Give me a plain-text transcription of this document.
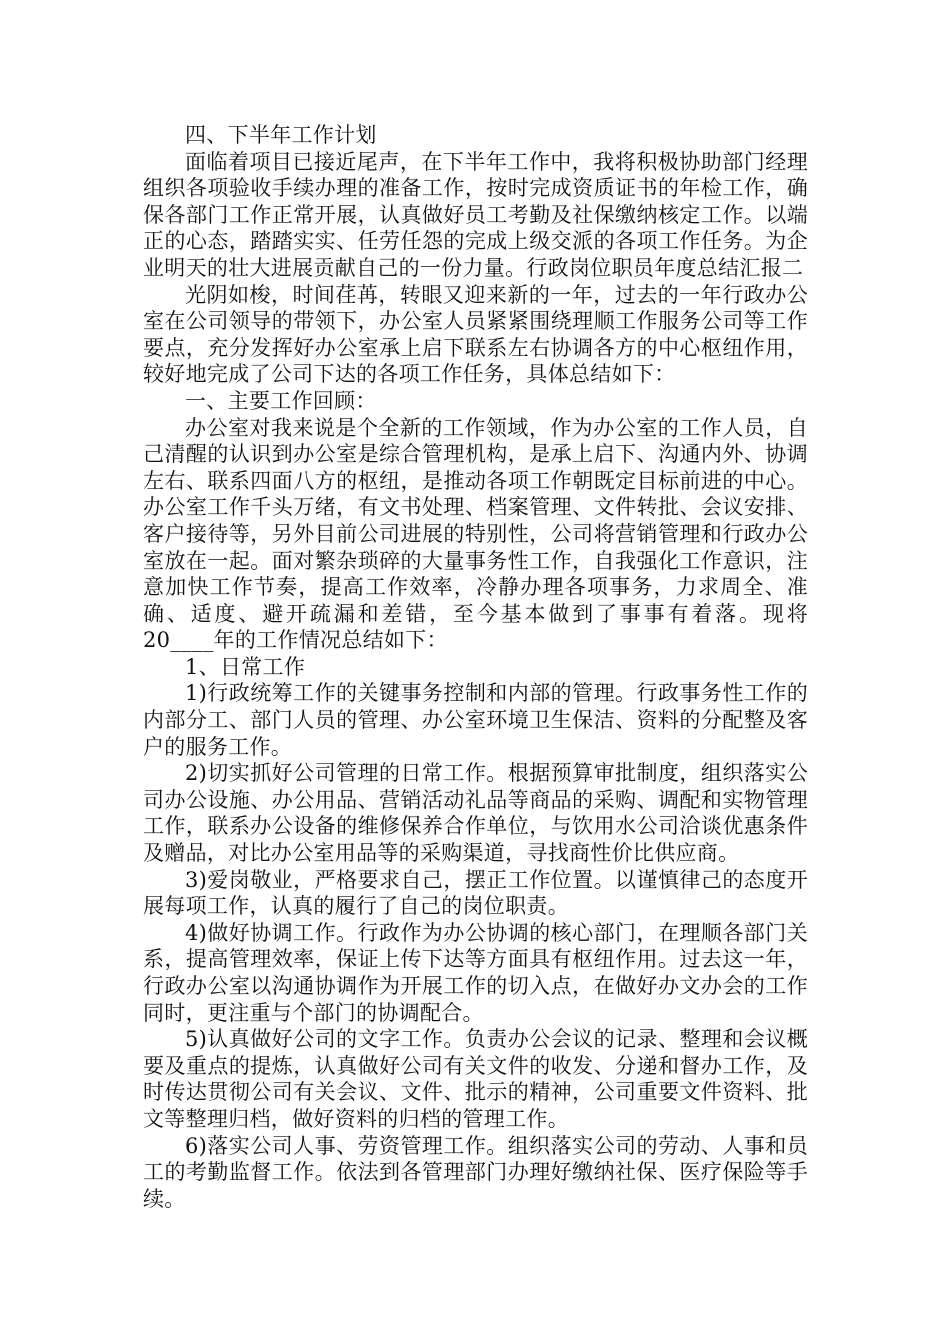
四、下半年工作计划

面临着项目已接近尾声，在下半年工作中，我将积极协助部门经理组织各项验收手续办理的准备工作，按时完成资质证书的年检工作，确保各部门工作正常开展，认真做好员工考勤及社保缴纳核定工作。以端正的心态，踏踏实实、任劳任怨的完成上级交派的各项工作任务。为企业明天的壮大进展贡献自己的一份力量。行政岗位职员年度总结汇报二

光阴如梭，时间荏苒，转眼又迎来新的一年，过去的一年行政办公室在公司领导的带领下，办公室人员紧紧围绕理顺工作服务公司等工作要点，充分发挥好办公室承上启下联系左右协调各方的中心枢纽作用，较好地完成了公司下达的各项工作任务，具体总结如下：

一、主要工作回顾：

办公室对我来说是个全新的工作领域，作为办公室的工作人员，自己清醒的认识到办公室是综合管理机构，是承上启下、沟通内外、协调左右、联系四面八方的枢纽，是推动各项工作朝既定目标前进的中心。办公室工作千头万绪，有文书处理、档案管理、文件转批、会议安排、客户接待等，另外目前公司进展的特别性，公司将营销管理和行政办公室放在一起。面对繁杂琐碎的大量事务性工作，自我强化工作意识，注意加快工作节奏，提高工作效率，冷静办理各项事务，力求周全、准确、适度、避开疏漏和差错，至今基本做到了事事有着落。现将20____年的工作情况总结如下：

1、日常工作

1)行政统筹工作的关键事务控制和内部的管理。行政事务性工作的内部分工、部门人员的管理、办公室环境卫生保洁、资料的分配整及客户的服务工作。

2)切实抓好公司管理的日常工作。根据预算审批制度，组织落实公司办公设施、办公用品、营销活动礼品等商品的采购、调配和实物管理工作，联系办公设备的维修保养合作单位，与饮用水公司洽谈优惠条件及赠品，对比办公室用品等的采购渠道，寻找商性价比供应商。

3)爱岗敬业，严格要求自己，摆正工作位置。以谨慎律己的态度开展每项工作，认真的履行了自己的岗位职责。

4)做好协调工作。行政作为办公协调的核心部门，在理顺各部门关系，提高管理效率，保证上传下达等方面具有枢纽作用。过去这一年，行政办公室以沟通协调作为开展工作的切入点，在做好办文办会的工作同时，更注重与个部门的协调配合。

5)认真做好公司的文字工作。负责办公会议的记录、整理和会议概要及重点的提炼，认真做好公司有关文件的收发、分递和督办工作，及时传达贯彻公司有关会议、文件、批示的精神，公司重要文件资料、批文等整理归档，做好资料的归档的管理工作。

6)落实公司人事、劳资管理工作。组织落实公司的劳动、人事和员工的考勤监督工作。依法到各管理部门办理好缴纳社保、医疗保险等手续。
